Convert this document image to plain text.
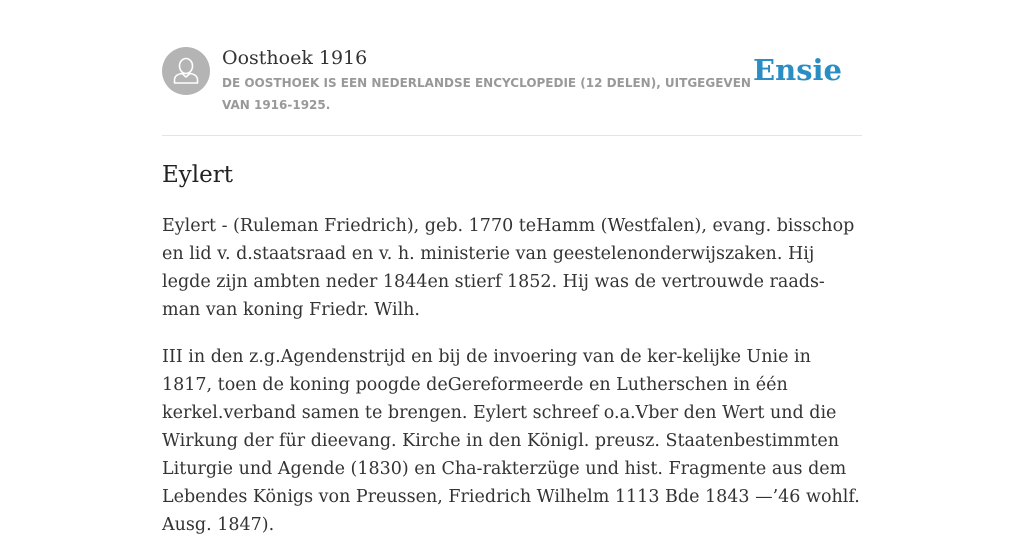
Oosthoek 1916
DE OOSTHOEK IS EEN NEDERLANDSE ENCYCLOPEDIE (12 DELEN), UITGEGEVEN VAN 1916-1925.
Ensie
Eylert

Eylert - (Ruleman Friedrich), geb. 1770 teHamm (Westfalen), evang. bisschop en lid v. d.staatsraad en v. h. ministerie van geestelenonderwijszaken. Hij legde zijn ambten neder 1844en stierf 1852. Hij was de vertrouwde raads-man van koning Friedr. Wilh.

III in den z.g.Agendenstrijd en bij de invoering van de ker-kelijke Unie in 1817, toen de koning poogde deGereformeerde en Lutherschen in één kerkel.verband samen te brengen. Eylert schreef o.a.Vber den Wert und die Wirkung der für dieevang. Kirche in den Königl. preusz. Staatenbestimmten Liturgie und Agende (1830) en Cha-rakterzüge und hist. Fragmente aus dem Lebendes Königs von Preussen, Friedrich Wilhelm 1113 Bde 1843 —’46 wohlf. Ausg. 1847).
